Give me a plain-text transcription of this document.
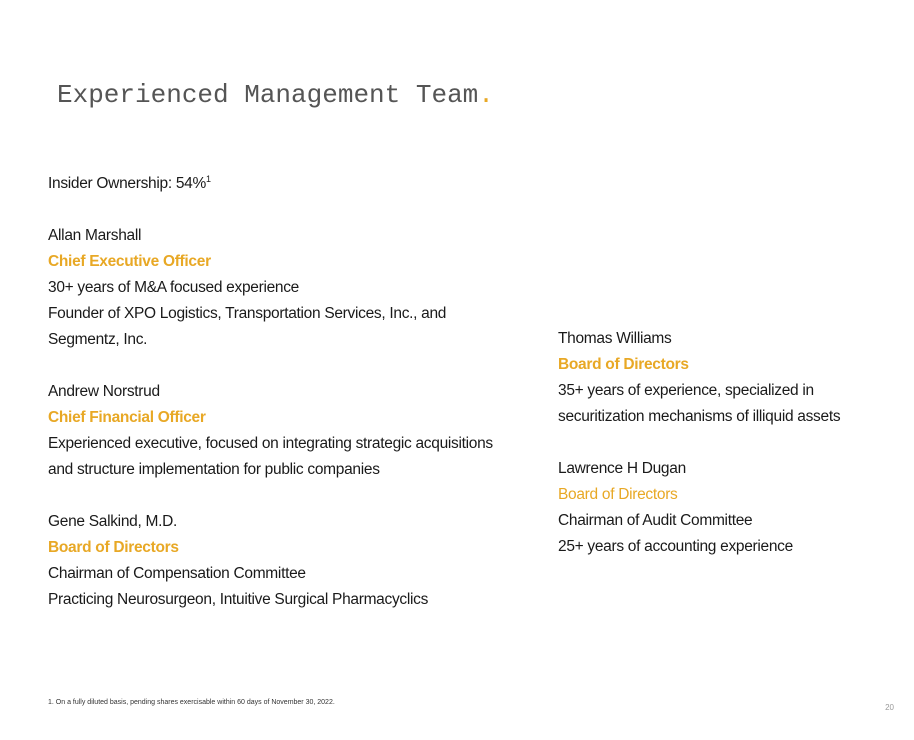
Experienced Management Team.
Insider Ownership: 54%$^1$
Allan Marshall
Chief Executive Officer
30+ years of M&A focused experience
Founder of XPO Logistics, Transportation Services, Inc., and Segmentz, Inc.
Andrew Norstrud
Chief Financial Officer
Experienced executive, focused on integrating strategic acquisitions and structure implementation for public companies
Gene Salkind, M.D.
Board of Directors
Chairman of Compensation Committee
Practicing Neurosurgeon, Intuitive Surgical Pharmacyclics
Thomas Williams
Board of Directors
35+ years of experience, specialized in securitization mechanisms of illiquid assets
Lawrence H Dugan
Board of Directors
Chairman of Audit Committee
25+ years of accounting experience
1. On a fully diluted basis, pending shares exercisable within 60 days of November 30, 2022.
20
